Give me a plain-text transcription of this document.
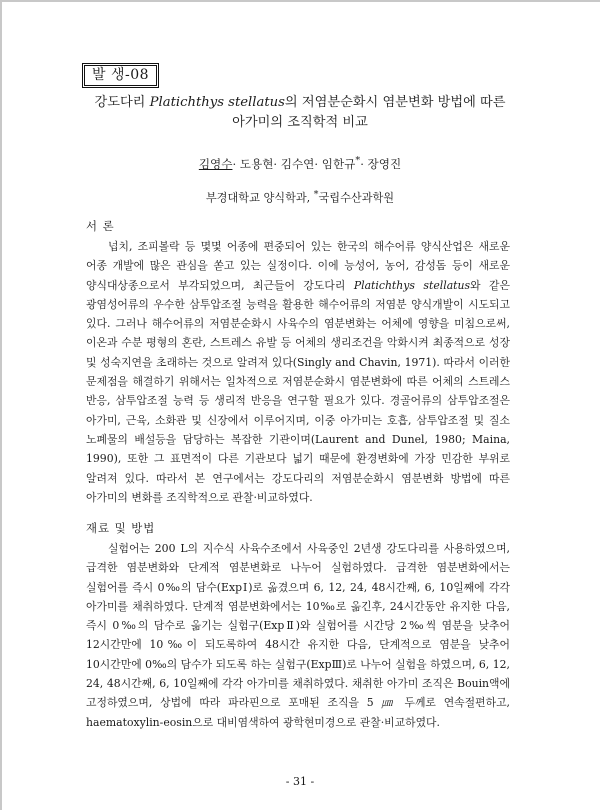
발 생-08
강도다리 Platichthys stellatus의 저염분순화시 염분변화 방법에 따른
아가미의 조직학적 비교
김영수· 도용현· 김수연· 임한규*· 장영진
부경대학교 양식학과, *국립수산과학원
서 론

넙치, 조피볼락 등 몇몇 어종에 편중되어 있는 한국의 해수어류 양식산업은 새로운 어종 개발에 많은 관심을 쏟고 있는 실정이다. 이에 능성어, 농어, 감성돔 등이 새로운 양식대상종으로서 부각되었으며, 최근들어 강도다리 Platichthys stellatus와 같은 광염성어류의 우수한 삼투압조절 능력을 활용한 해수어류의 저염분 양식개발이 시도되고 있다. 그러나 해수어류의 저염분순화시 사육수의 염분변화는 어체에 영향을 미침으로써, 이온과 수분 평형의 혼란, 스트레스 유발 등 어체의 생리조건을 악화시켜 최종적으로 성장 및 성숙지연을 초래하는 것으로 알려져 있다(Singly and Chavin, 1971). 따라서 이러한 문제점을 해결하기 위해서는 일차적으로 저염분순화시 염분변화에 따른 어체의 스트레스 반응, 삼투압조절 능력 등 생리적 반응을 연구할 필요가 있다. 경골어류의 삼투압조절은 아가미, 근육, 소화관 및 신장에서 이루어지며, 이중 아가미는 호흡, 삼투압조절 및 질소 노폐물의 배설등을 담당하는 복잡한 기관이며(Laurent and Dunel, 1980; Maina, 1990), 또한 그 표면적이 다른 기관보다 넓기 때문에 환경변화에 가장 민감한 부위로 알려져 있다. 따라서 본 연구에서는 강도다리의 저염분순화시 염분변화 방법에 따른 아가미의 변화를 조직학적으로 관찰·비교하였다.

재료 및 방법

실험어는 200 L의 지수식 사육수조에서 사육중인 2년생 강도다리를 사용하였으며, 급격한 염분변화와 단계적 염분변화로 나누어 실험하였다. 급격한 염분변화에서는 실험어를 즉시 0‰의 담수(ExpⅠ)로 옮겼으며 6, 12, 24, 48시간째, 6, 10일째에 각각 아가미를 채취하였다. 단계적 염분변화에서는 10‰로 옮긴후, 24시간동안 유지한 다음, 즉시 0‰의 담수로 옮기는 실험구(ExpⅡ)와 실험어를 시간당 2‰씩 염분을 낮추어 12시간만에 10‰이 되도록하여 48시간 유지한 다음, 단계적으로 염분을 낮추어 10시간만에 0‰의 담수가 되도록 하는 실험구(ExpⅢ)로 나누어 실험을 하였으며, 6, 12, 24, 48시간째, 6, 10일째에 각각 아가미를 채취하였다. 채취한 아가미 조직은 Bouin액에 고정하였으며, 상법에 따라 파라핀으로 포매된 조직을 5 ㎛ 두께로 연속절편하고, haematoxylin-eosin으로 대비염색하여 광학현미경으로 관찰·비교하였다.

- 31 -
